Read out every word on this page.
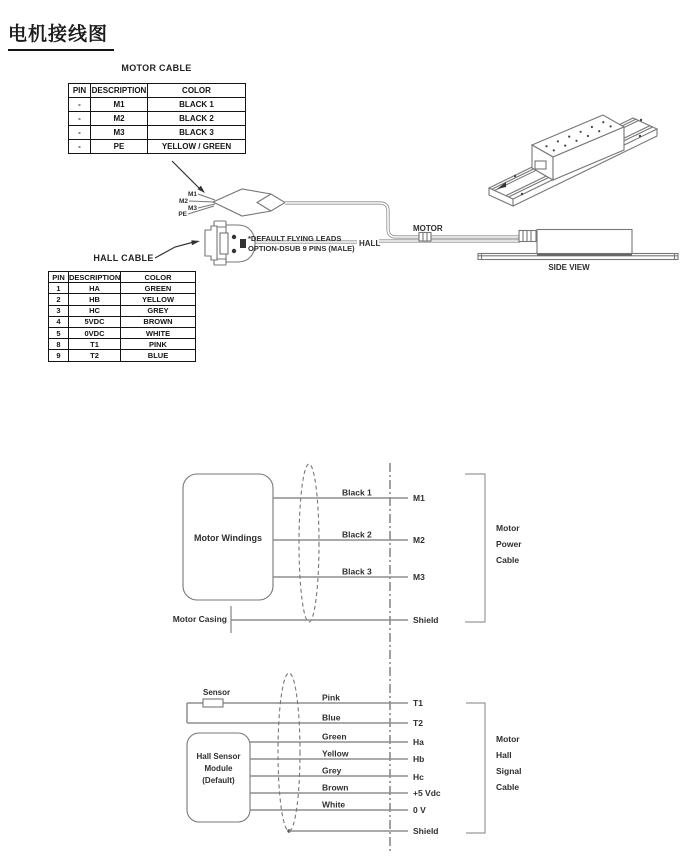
电机接线图
MOTOR CABLE
PIN	DESCRIPTION	COLOR
-	M1	BLACK 1
-	M2	BLACK 2
-	M3	BLACK 3
-	PE	YELLOW / GREEN
HALL CABLE
PIN	DESCRIPTION	COLOR
1	HA	GREEN
2	HB	YELLOW
3	HC	GREY
4	5VDC	BROWN
5	0VDC	WHITE
8	T1	PINK
9	T2	BLUE
M1
M2
M3
PE
HALL
MOTOR
*DEFAULT FLYING LEADS
OPTION-DSUB 9 PINS (MALE)
SIDE VIEW
Motor Windings
Black 1
Black 2
Black 3
M1
M2
M3
Motor Casing	Shield
Motor
Power
Cable
Sensor
Hall Sensor
Module
(Default)
Pink
Blue
Green
Yellow
Grey
Brown
White
T1
T2
Ha
Hb
Hc
+5 Vdc
0 V
Shield
Motor
Hall
Signal
Cable
